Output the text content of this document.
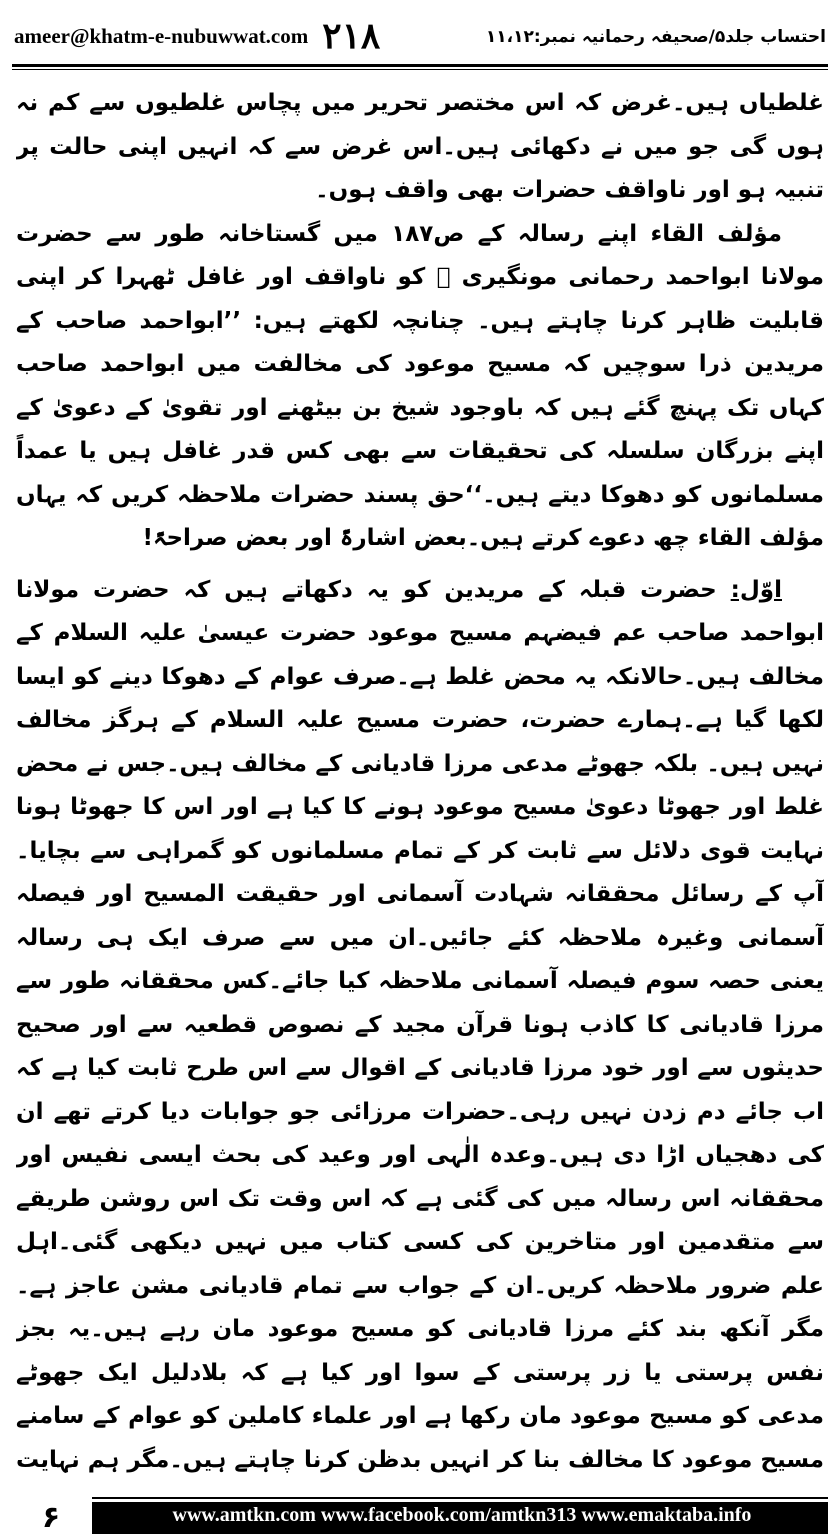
ameer@khatm-e-nubuwwat.com ۲۱۸	احتساب جلد۵/صحیفہ رحمانیہ نمبر:۱۱،۱۲

غلطیاں ہیں۔غرض کہ اس مختصر تحریر میں پچاس غلطیوں سے کم نہ ہوں گی جو میں نے دکھائی ہیں۔اس غرض سے کہ انہیں اپنی حالت پر تنبیہ ہو اور ناواقف حضرات بھی واقف ہوں۔

مؤلف القاء اپنے رسالہ کے ص۱۸۷ میں گستاخانہ طور سے حضرت مولانا ابواحمد رحمانی مونگیری ﷫ کو ناواقف اور غافل ٹھہرا کر اپنی قابلیت ظاہر کرنا چاہتے ہیں۔ چنانچہ لکھتے ہیں: ’’ابواحمد صاحب کے مریدین ذرا سوچیں کہ مسیح موعود کی مخالفت میں ابواحمد صاحب کہاں تک پہنچ گئے ہیں کہ باوجود شیخ بن بیٹھنے اور تقویٰ کے دعویٰ کے اپنے بزرگان سلسلہ کی تحقیقات سے بھی کس قدر غافل ہیں یا عمداً مسلمانوں کو دھوکا دیتے ہیں۔‘‘حق پسند حضرات ملاحظہ کریں کہ یہاں مؤلف القاء چھ دعوے کرتے ہیں۔بعض اشارۃً اور بعض صراحۃً!

اوّل: حضرت قبلہ کے مریدین کو یہ دکھاتے ہیں کہ حضرت مولانا ابواحمد صاحب عم فیضہم مسیح موعود حضرت عیسیٰ علیہ السلام کے مخالف ہیں۔حالانکہ یہ محض غلط ہے۔صرف عوام کے دھوکا دینے کو ایسا لکھا گیا ہے۔ہمارے حضرت، حضرت مسیح علیہ السلام کے ہرگز مخالف نہیں ہیں۔ بلکہ جھوٹے مدعی مرزا قادیانی کے مخالف ہیں۔جس نے محض غلط اور جھوٹا دعویٰ مسیح موعود ہونے کا کیا ہے اور اس کا جھوٹا ہونا نہایت قوی دلائل سے ثابت کر کے تمام مسلمانوں کو گمراہی سے بچایا۔آپ کے رسائل محققانہ شہادت آسمانی اور حقیقت المسیح اور فیصلہ آسمانی وغیرہ ملاحظہ کئے جائیں۔ان میں سے صرف ایک ہی رسالہ یعنی حصہ سوم فیصلہ آسمانی ملاحظہ کیا جائے۔کس محققانہ طور سے مرزا قادیانی کا کاذب ہونا قرآن مجید کے نصوص قطعیہ سے اور صحیح حدیثوں سے اور خود مرزا قادیانی کے اقوال سے اس طرح ثابت کیا ہے کہ اب جائے دم زدن نہیں رہی۔حضرات مرزائی جو جوابات دیا کرتے تھے ان کی دھجیاں اڑا دی ہیں۔وعدہ الٰہی اور وعید کی بحث ایسی نفیس اور محققانہ اس رسالہ میں کی گئی ہے کہ اس وقت تک اس روشن طریقے سے متقدمین اور متاخرین کی کسی کتاب میں نہیں دیکھی گئی۔اہل علم ضرور ملاحظہ کریں۔ان کے جواب سے تمام قادیانی مشن عاجز ہے۔مگر آنکھ بند کئے مرزا قادیانی کو مسیح موعود مان رہے ہیں۔یہ بجز نفس پرستی یا زر پرستی کے سوا اور کیا ہے کہ بلادلیل ایک جھوٹے مدعی کو مسیح موعود مان رکھا ہے اور علماء کاملین کو عوام کے سامنے مسیح موعود کا مخالف بنا کر انہیں بدظن کرنا چاہتے ہیں۔مگر ہم نہایت

۶	www.amtkn.com www.facebook.com/amtkn313 www.emaktaba.info
